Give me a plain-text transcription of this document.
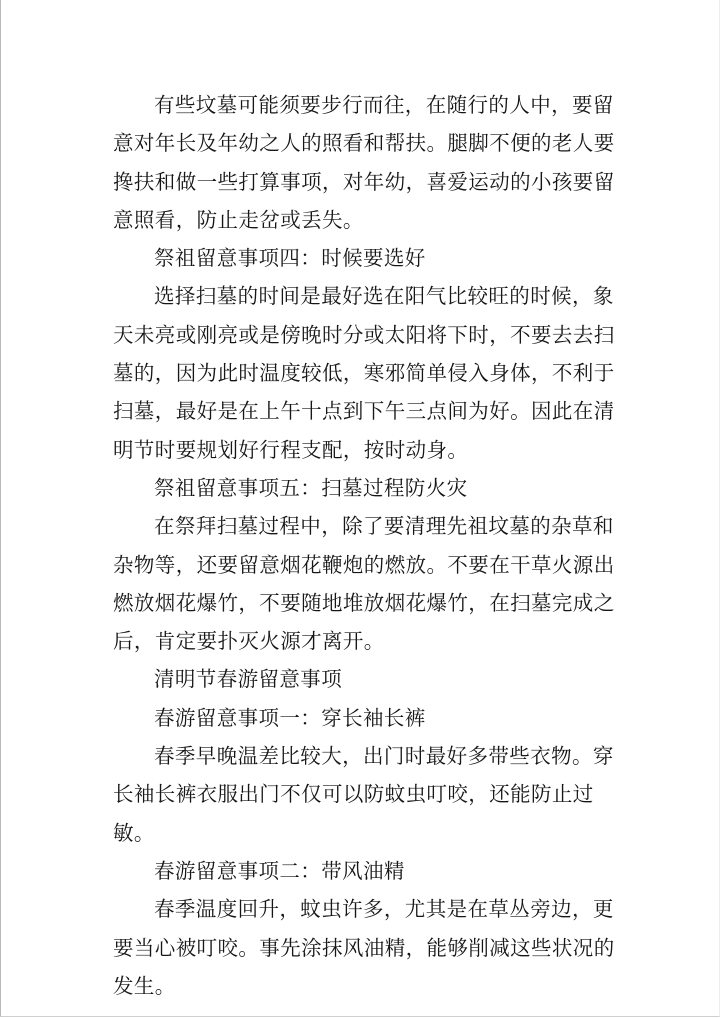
有些坟墓可能须要步行而往，在随行的人中，要留意对年长及年幼之人的照看和帮扶。腿脚不便的老人要搀扶和做一些打算事项，对年幼，喜爱运动的小孩要留意照看，防止走岔或丢失。

祭祖留意事项四：时候要选好

选择扫墓的时间是最好选在阳气比较旺的时候，象天未亮或刚亮或是傍晚时分或太阳将下时，不要去去扫墓的，因为此时温度较低，寒邪简单侵入身体，不利于扫墓，最好是在上午十点到下午三点间为好。因此在清明节时要规划好行程支配，按时动身。

祭祖留意事项五：扫墓过程防火灾

在祭拜扫墓过程中，除了要清理先祖坟墓的杂草和杂物等，还要留意烟花鞭炮的燃放。不要在干草火源出燃放烟花爆竹，不要随地堆放烟花爆竹，在扫墓完成之后，肯定要扑灭火源才离开。

清明节春游留意事项

春游留意事项一：穿长袖长裤

春季早晚温差比较大，出门时最好多带些衣物。穿长袖长裤衣服出门不仅可以防蚊虫叮咬，还能防止过敏。

春游留意事项二：带风油精

春季温度回升，蚊虫许多，尤其是在草丛旁边，更要当心被叮咬。事先涂抹风油精，能够削减这些状况的发生。
